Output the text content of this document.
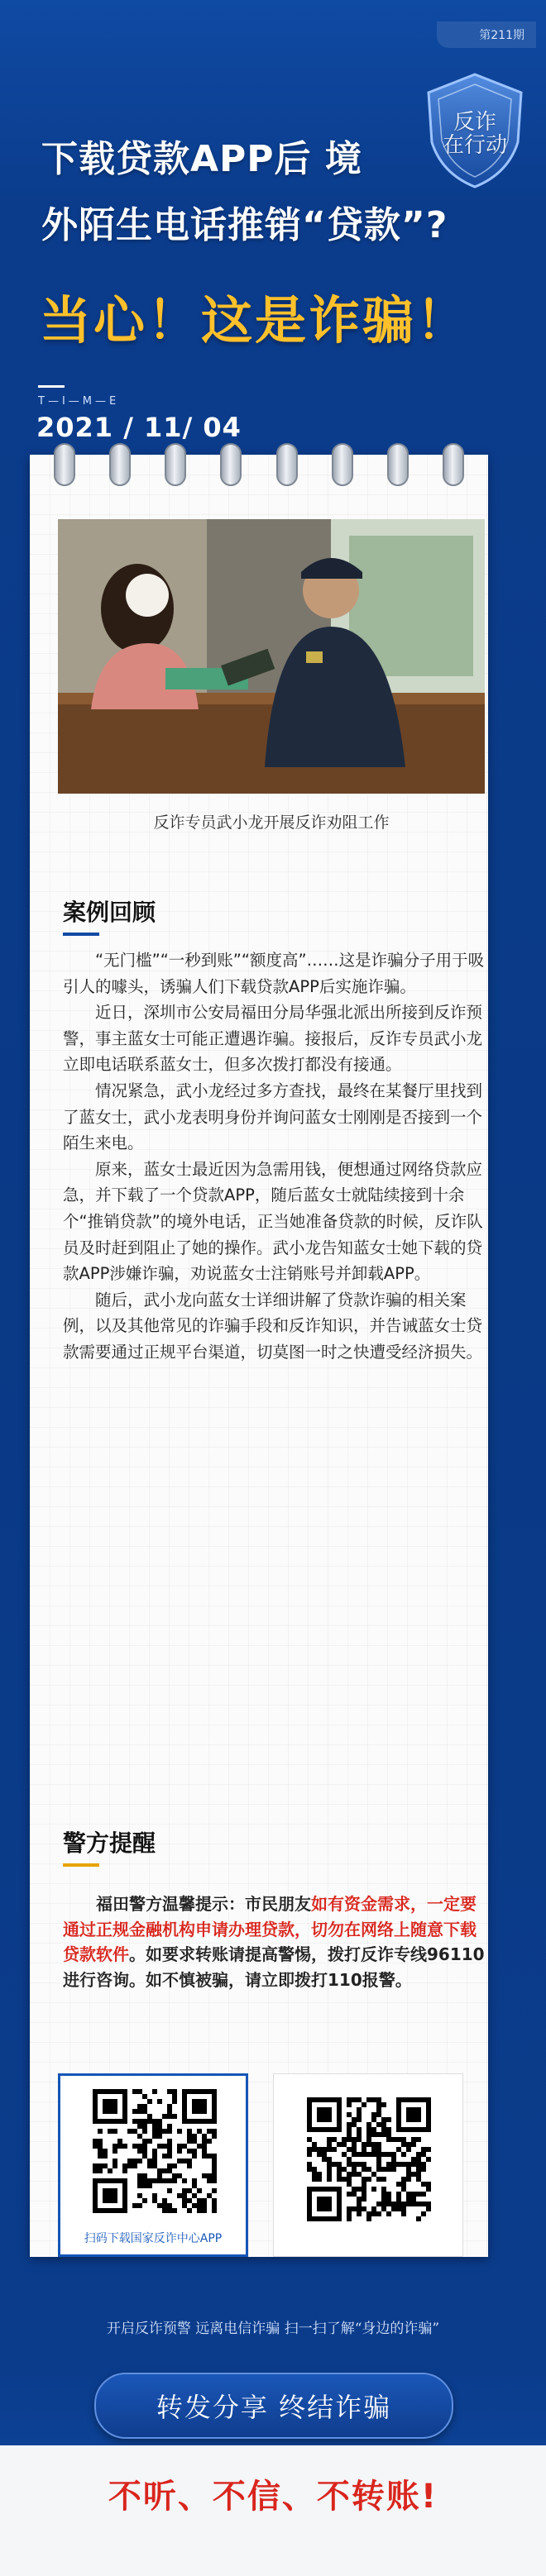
第211期
反诈
在行动
下载贷款APP后 境
外陌生电话推销“贷款”?
当心！这是诈骗！
T—I—M—E
2021 / 11/ 04
反诈专员武小龙开展反诈劝阻工作
案例回顾

“无门槛”“一秒到账”“额度高”……这是诈骗分子用于吸引人的噱头，诱骗人们下载贷款APP后实施诈骗。

近日，深圳市公安局福田分局华强北派出所接到反诈预警，事主蓝女士可能正遭遇诈骗。接报后，反诈专员武小龙立即电话联系蓝女士，但多次拨打都没有接通。

情况紧急，武小龙经过多方查找，最终在某餐厅里找到了蓝女士，武小龙表明身份并询问蓝女士刚刚是否接到一个陌生来电。

原来，蓝女士最近因为急需用钱，便想通过网络贷款应急，并下载了一个贷款APP，随后蓝女士就陆续接到十余个“推销贷款”的境外电话，正当她准备贷款的时候，反诈队员及时赶到阻止了她的操作。武小龙告知蓝女士她下载的贷款APP涉嫌诈骗，劝说蓝女士注销账号并卸载APP。

随后，武小龙向蓝女士详细讲解了贷款诈骗的相关案例，以及其他常见的诈骗手段和反诈知识，并告诫蓝女士贷款需要通过正规平台渠道，切莫图一时之快遭受经济损失。

警方提醒
福田警方温馨提示：市民朋友如有资金需求，一定要通过正规金融机构申请办理贷款，切勿在网络上随意下载贷款软件。如要求转账请提高警惕，拨打反诈专线96110进行咨询。如不慎被骗，请立即拨打110报警。
扫码下载国家反诈中心APP
开启反诈预警 远离电信诈骗 扫一扫了解“身边的诈骗”
转发分享 终结诈骗
不听、不信、不转账!
